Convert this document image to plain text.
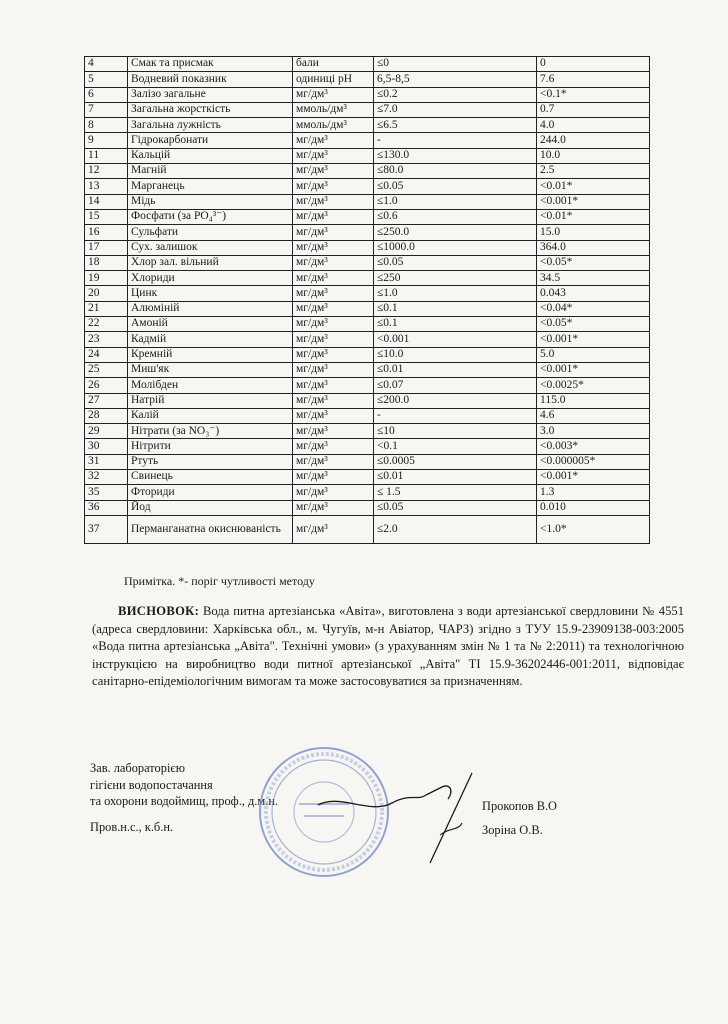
4	Смак та присмак	бали	≤0	0
5	Водневий показник	одиниці рН	6,5-8,5	7.6
6	Залізо загальне	мг/дм³	≤0.2	<0.1*
7	Загальна жорсткість	ммоль/дм³	≤7.0	0.7
8	Загальна лужність	ммоль/дм³	≤6.5	4.0
9	Гідрокарбонати	мг/дм³	-	244.0
11	Кальцій	мг/дм³	≤130.0	10.0
12	Магній	мг/дм³	≤80.0	2.5
13	Марганець	мг/дм³	≤0.05	<0.01*
14	Мідь	мг/дм³	≤1.0	<0.001*
15	Фосфати (за PO₄³⁻)	мг/дм³	≤0.6	<0.01*
16	Сульфати	мг/дм³	≤250.0	15.0
17	Сух. залишок	мг/дм³	≤1000.0	364.0
18	Хлор зал. вільний	мг/дм³	≤0.05	<0.05*
19	Хлориди	мг/дм³	≤250	34.5
20	Цинк	мг/дм³	≤1.0	0.043
21	Алюміній	мг/дм³	≤0.1	<0.04*
22	Амоній	мг/дм³	≤0.1	<0.05*
23	Кадмій	мг/дм³	<0.001	<0.001*
24	Кремній	мг/дм³	≤10.0	5.0
25	Миш'як	мг/дм³	≤0.01	<0.001*
26	Молібден	мг/дм³	≤0.07	<0.0025*
27	Натрій	мг/дм³	≤200.0	115.0
28	Калій	мг/дм³	-	4.6
29	Нітрати (за NO₃⁻)	мг/дм³	≤10	3.0
30	Нітрити	мг/дм³	<0.1	<0.003*
31	Ртуть	мг/дм³	≤0.0005	<0.000005*
32	Свинець	мг/дм³	≤0.01	<0.001*
35	Фториди	мг/дм³	≤ 1.5	1.3
36	Йод	мг/дм³	≤0.05	0.010
37	Перманганатна окиснюваність	мг/дм³	≤2.0	<1.0*
Примітка. *- поріг чутливості методу
ВИСНОВОК: Вода питна артезіанська «Авіта», виготовлена з води артезіанської свердловини № 4551 (адреса свердловини: Харківська обл., м. Чугуїв, м-н Авіатор, ЧАРЗ) згідно з ТУУ 15.9-23909138-003:2005 «Вода питна артезіанська „Авіта". Технічні умови» (з урахуванням змін № 1 та № 2:2011) та технологічною інструкцією на виробництво води питної артезіанської „Авіта" ТІ 15.9-36202446-001:2011, відповідає санітарно-епідеміологічним вимогам та може застосовуватися за призначенням.
Зав. лабораторією
гігієни водопостачання
та охорони водоймищ, проф., д.м.н.
Пров.н.с., к.б.н.
Прокопов В.О
Зоріна О.В.
